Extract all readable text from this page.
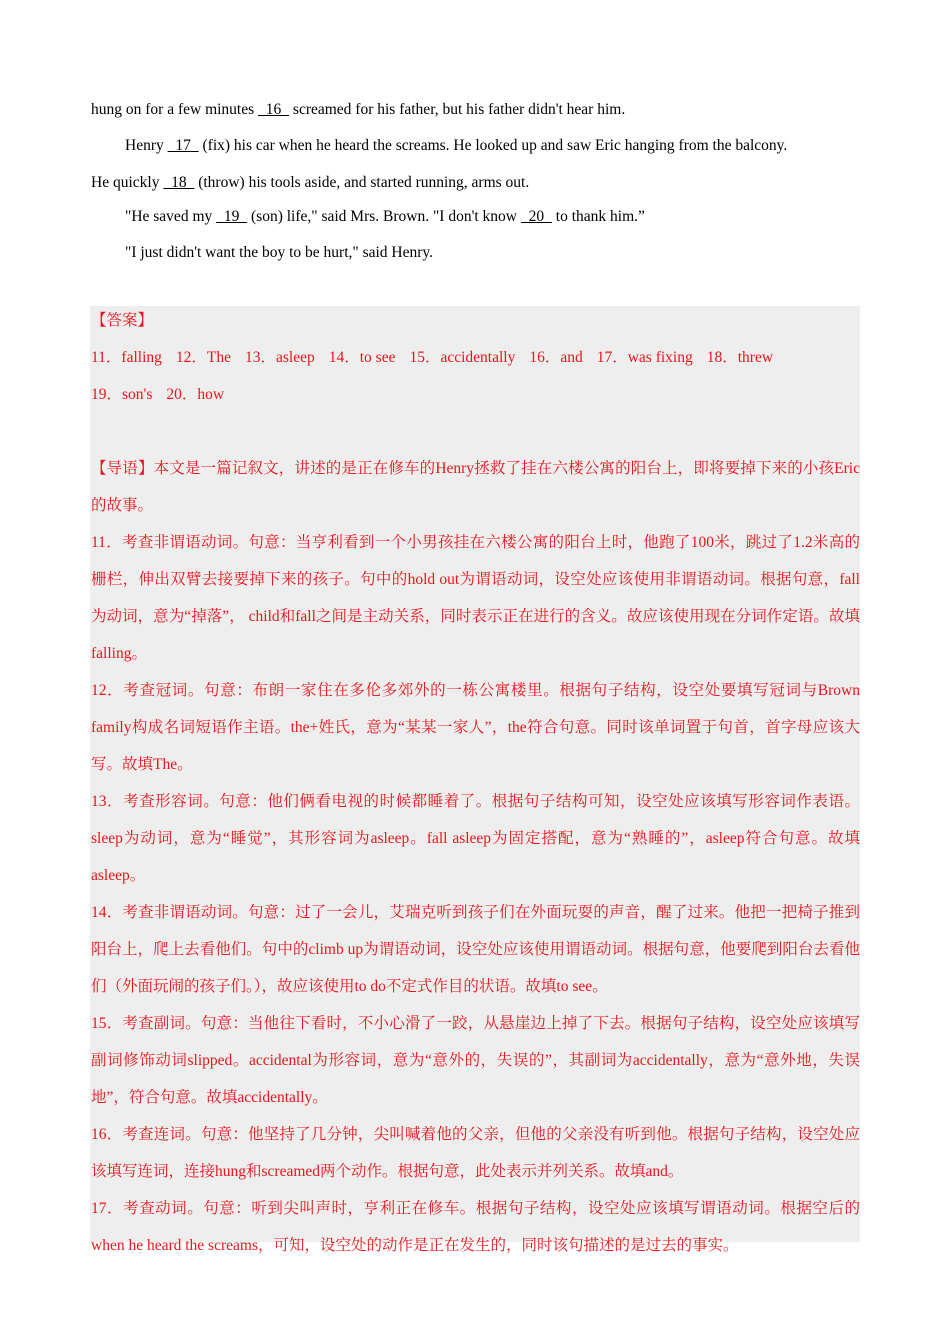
hung on for a few minutes   16   screamed for his father, but his father didn't hear him.
Henry   17   (fix) his car when he heard the screams. He looked up and saw Eric hanging from the balcony.
He quickly   18   (throw) his tools aside, and started running, arms out.
"He saved my   19   (son) life," said Mrs. Brown. "I don't know   20   to thank him.”
"I just didn't want the boy to be hurt," said Henry.
【答案】
11．falling 12．The 13．asleep 14．to see 15．accidentally 16．and 17．was fixing 18．threw
19．son's 20．how

【导语】本文是一篇记叙文，讲述的是正在修车的Henry拯救了挂在六楼公寓的阳台上，即将要掉下来的小孩Eric的故事。

11．考查非谓语动词。句意：当亨利看到一个小男孩挂在六楼公寓的阳台上时，他跑了100米，跳过了1.2米高的栅栏，伸出双臂去接要掉下来的孩子。句中的hold out为谓语动词，设空处应该使用非谓语动词。根据句意，fall为动词，意为“掉落”， child和fall之间是主动关系，同时表示正在进行的含义。故应该使用现在分词作定语。故填falling。

12．考查冠词。句意：布朗一家住在多伦多郊外的一栋公寓楼里。根据句子结构，设空处要填写冠词与Brown family构成名词短语作主语。the+姓氏，意为“某某一家人”，the符合句意。同时该单词置于句首，首字母应该大写。故填The。

13．考查形容词。句意：他们俩看电视的时候都睡着了。根据句子结构可知，设空处应该填写形容词作表语。sleep为动词，意为“睡觉”，其形容词为asleep。fall asleep为固定搭配，意为“熟睡的”，asleep符合句意。故填asleep。

14．考查非谓语动词。句意：过了一会儿，艾瑞克听到孩子们在外面玩耍的声音，醒了过来。他把一把椅子推到阳台上，爬上去看他们。句中的climb up为谓语动词，设空处应该使用谓语动词。根据句意，他要爬到阳台去看他们（外面玩闹的孩子们。），故应该使用to do不定式作目的状语。故填to see。

15．考查副词。句意：当他往下看时，不小心滑了一跤，从悬崖边上掉了下去。根据句子结构，设空处应该填写副词修饰动词slipped。accidental为形容词，意为“意外的，失误的”，其副词为accidentally，意为“意外地，失误地”，符合句意。故填accidentally。

16．考查连词。句意：他坚持了几分钟，尖叫喊着他的父亲，但他的父亲没有听到他。根据句子结构，设空处应该填写连词，连接hung和screamed两个动作。根据句意，此处表示并列关系。故填and。

17．考查动词。句意：听到尖叫声时，亨利正在修车。根据句子结构，设空处应该填写谓语动词。根据空后的when he heard the screams，可知，设空处的动作是正在发生的，同时该句描述的是过去的事实。
